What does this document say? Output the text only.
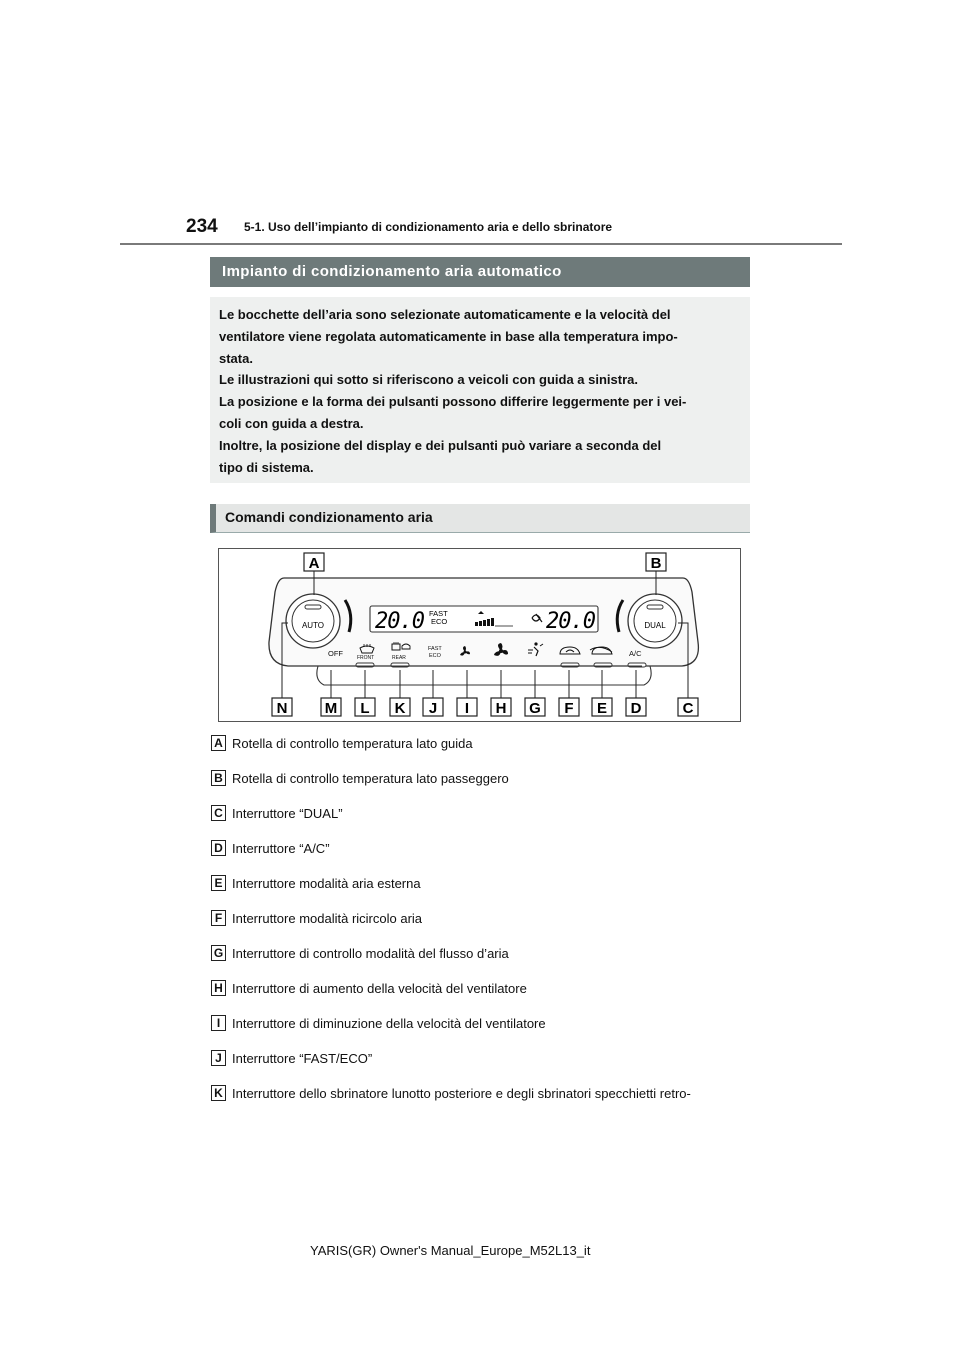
234 5-1. Uso dell’impianto di condizionamento aria e dello sbrinatore
Impianto di condizionamento aria automatico
Le bocchette dell’aria sono selezionate automaticamente e la velocità del
ventilatore viene regolata automaticamente in base alla temperatura impo-
stata.
Le illustrazioni qui sotto si riferiscono a veicoli con guida a sinistra.
La posizione e la forma dei pulsanti possono differire leggermente per i vei-
coli con guida a destra.
Inoltre, la posizione del display e dei pulsanti può variare a seconda del
tipo di sistema.
Comandi condizionamento aria
AUTO	DUAL
20.0 FAST
ECO	20.0
OFF	FRONT	REAR
FAST
ECO	A/C
A	B
N M L K J I H G F E D	C
A Rotella di controllo temperatura lato guida
B Rotella di controllo temperatura lato passeggero
C Interruttore “DUAL”
D Interruttore “A/C”
E Interruttore modalità aria esterna
F Interruttore modalità ricircolo aria
G Interruttore di controllo modalità del flusso d’aria
H Interruttore di aumento della velocità del ventilatore
I Interruttore di diminuzione della velocità del ventilatore
J Interruttore “FAST/ECO”
K Interruttore dello sbrinatore lunotto posteriore e degli sbrinatori specchietti retro-
YARIS(GR) Owner's Manual_Europe_M52L13_it
